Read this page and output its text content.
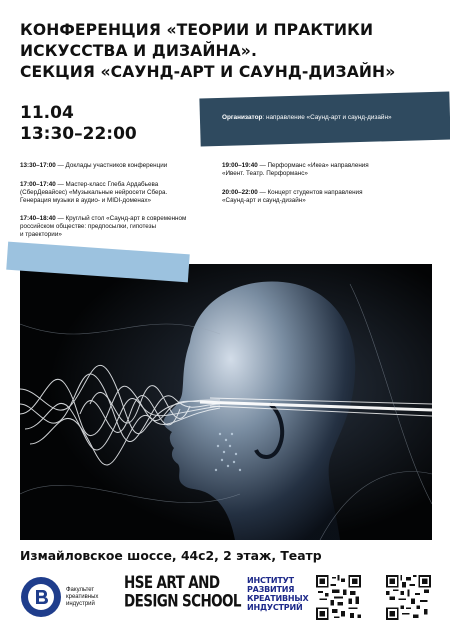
КОНФЕРЕНЦИЯ «ТЕОРИИ И ПРАКТИКИ
ИСКУССТВА И ДИЗАЙНА».
СЕКЦИЯ «САУНД-АРТ И САУНД-ДИЗАЙН»
11.04
13:30–22:00
Организатор: направление «Саунд-арт и саунд-дизайн»
13:30–17:00 — Доклады участников конференции
17:00–17:40 — Мастер-класс Глеба Ардабьева
(СберДевайсес) «Музыкальные нейросети Сбера.
Генерация музыки в аудио- и MIDI-доменах»
17:40–18:40 — Круглый стол «Саунд-арт в современном
российском обществе: предпосылки, гипотезы
и траектории»
19:00–19:40 — Перформанс «Икеа» направления
«Ивент. Театр. Перформанс»
20:00–22:00 — Концерт студентов направления
«Саунд-арт и саунд-дизайн»
Измайловское шоссе, 44с2, 2 этаж, Театр
Факультет
креативных
индустрий
HSE ART AND
DESIGN SCHOOL
ИНСТИТУТ
РАЗВИТИЯ
КРЕАТИВНЫХ
ИНДУСТРИЙ
